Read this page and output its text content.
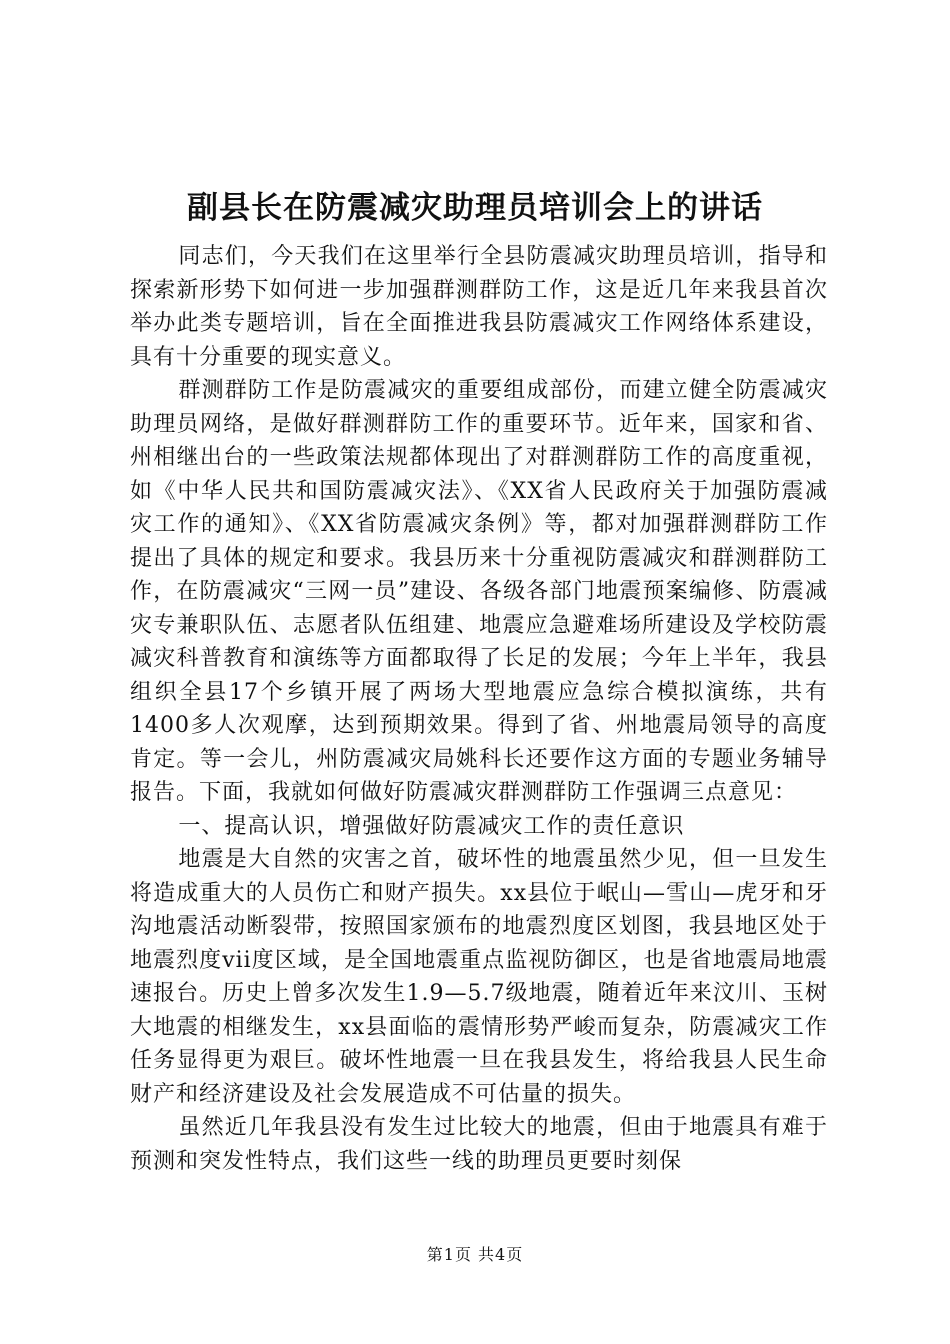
副县长在防震减灾助理员培训会上的讲话

同志们，今天我们在这里举行全县防震减灾助理员培训，指导和探索新形势下如何进一步加强群测群防工作，这是近几年来我县首次举办此类专题培训，旨在全面推进我县防震减灾工作网络体系建设，具有十分重要的现实意义。

群测群防工作是防震减灾的重要组成部份，而建立健全防震减灾助理员网络，是做好群测群防工作的重要环节。近年来，国家和省、州相继出台的一些政策法规都体现出了对群测群防工作的高度重视，如《中华人民共和国防震减灾法》、《XX省人民政府关于加强防震减灾工作的通知》、《XX省防震减灾条例》等，都对加强群测群防工作提出了具体的规定和要求。我县历来十分重视防震减灾和群测群防工作，在防震减灾“三网一员”建设、各级各部门地震预案编修、防震减灾专兼职队伍、志愿者队伍组建、地震应急避难场所建设及学校防震减灾科普教育和演练等方面都取得了长足的发展；今年上半年，我县组织全县17个乡镇开展了两场大型地震应急综合模拟演练，共有1400多人次观摩，达到预期效果。得到了省、州地震局领导的高度肯定。等一会儿，州防震减灾局姚科长还要作这方面的专题业务辅导报告。下面，我就如何做好防震减灾群测群防工作强调三点意见：

一、提高认识，增强做好防震减灾工作的责任意识

地震是大自然的灾害之首，破坏性的地震虽然少见，但一旦发生将造成重大的人员伤亡和财产损失。xx县位于岷山—雪山—虎牙和牙沟地震活动断裂带，按照国家颁布的地震烈度区划图，我县地区处于地震烈度vii度区域，是全国地震重点监视防御区，也是省地震局地震速报台。历史上曾多次发生1.9—5.7级地震，随着近年来汶川、玉树大地震的相继发生，xx县面临的震情形势严峻而复杂，防震减灾工作任务显得更为艰巨。破坏性地震一旦在我县发生，将给我县人民生命财产和经济建设及社会发展造成不可估量的损失。

虽然近几年我县没有发生过比较大的地震，但由于地震具有难于预测和突发性特点，我们这些一线的助理员更要时刻保

第1页 共4页
